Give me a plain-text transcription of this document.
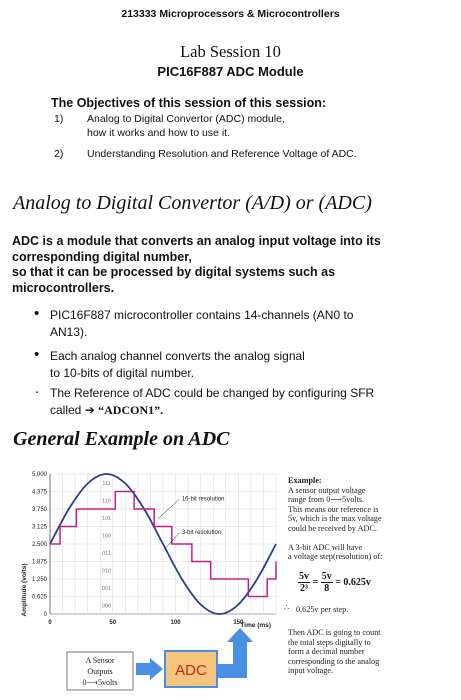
213333 Microprocessors & Microcontrollers
Lab Session 10
PIC16F887 ADC Module
The Objectives of this session of this session:
1) Analog to Digital Convertor (ADC) module,
how it works and how to use it.
2) Understanding Resolution and Reference Voltage of ADC.
Analog to Digital Convertor (A/D) or (ADC)
ADC is a module that converts an analog input voltage into its
corresponding digital number,
so that it can be processed by digital systems such as
microcontrollers.
• PIC16F887 microcontroller contains 14-channels (AN0 to
AN13).
• Each analog channel converts the analog signal
to 10-bits of digital number.
. The Reference of ADC could be changed by configuring SFR
called ➔ “ADCON1”.
General Example on ADC
5.000
4.375
3.750
3.125
2.500
1.875
1.250
0.625
0
0	50	100	150
111
110
101
100
011
010
001
000
16-bit resolution
3-bit resolution
Amplitude (volts)
Time (ms)
A Sensor
Outputs
0⟶5volts
ADC
Example:
A sensor output voltage
range from 0⟶5volts.
This means our reference is
5v, which is the max voltage
could be received by ADC.
A 3-bit ADC will have
a voltage step(resolution) of:
$\frac{5v}{\text{2³}} = \frac{5v}{8} = 0.625v$
∴ 0.625v per step.
Then ADC is going to count
the total steps digitally to
form a decimal number
corresponding to the analog
input voltage.
